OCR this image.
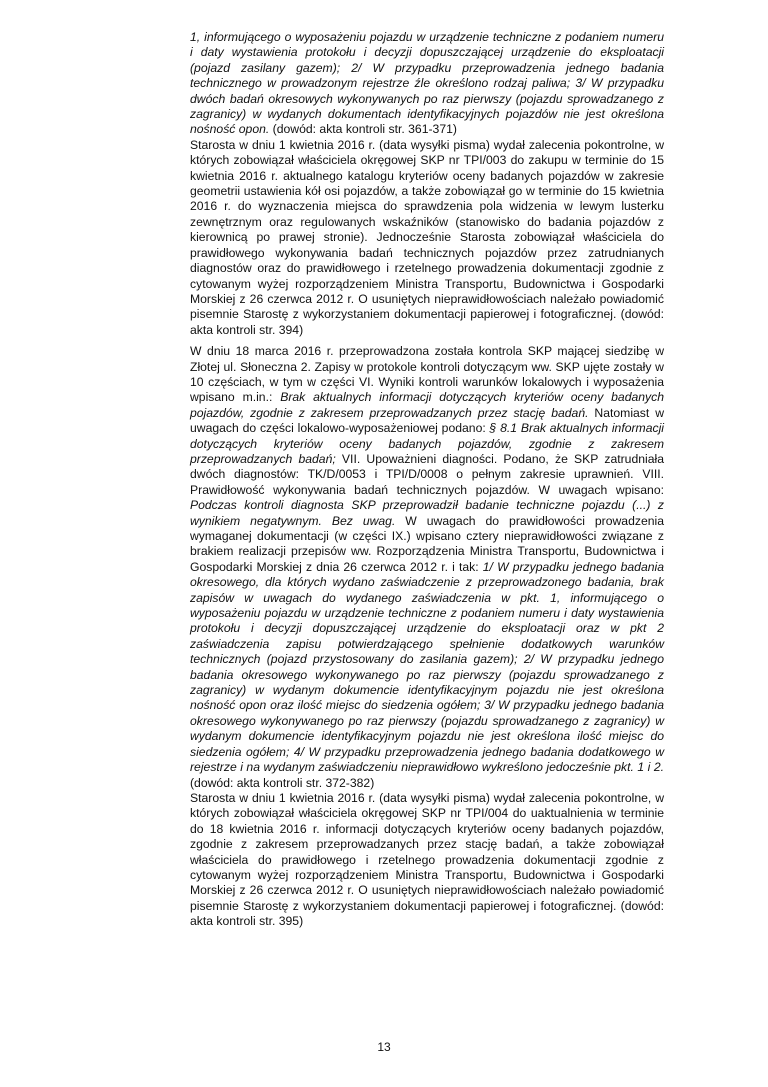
1, informującego o wyposażeniu pojazdu w urządzenie techniczne z podaniem numeru i daty wystawienia protokołu i decyzji dopuszczającej urządzenie do eksploatacji (pojazd zasilany gazem); 2/ W przypadku przeprowadzenia jednego badania technicznego w prowadzonym rejestrze źle określono rodzaj paliwa; 3/ W przypadku dwóch badań okresowych wykonywanych po raz pierwszy (pojazdu sprowadzanego z zagranicy) w wydanych dokumentach identyfikacyjnych pojazdów nie jest określona nośność opon. (dowód: akta kontroli str. 361-371)

Starosta w dniu 1 kwietnia 2016 r. (data wysyłki pisma) wydał zalecenia pokontrolne, w których zobowiązał właściciela okręgowej SKP nr TPI/003 do zakupu w terminie do 15 kwietnia 2016 r. aktualnego katalogu kryteriów oceny badanych pojazdów w zakresie geometrii ustawienia kół osi pojazdów, a także zobowiązał go w terminie do 15 kwietnia 2016 r. do wyznaczenia miejsca do sprawdzenia pola widzenia w lewym lusterku zewnętrznym oraz regulowanych wskaźników (stanowisko do badania pojazdów z kierownicą po prawej stronie). Jednocześnie Starosta zobowiązał właściciela do prawidłowego wykonywania badań technicznych pojazdów przez zatrudnianych diagnostów oraz do prawidłowego i rzetelnego prowadzenia dokumentacji zgodnie z cytowanym wyżej rozporządzeniem Ministra Transportu, Budownictwa i Gospodarki Morskiej z 26 czerwca 2012 r. O usuniętych nieprawidłowościach należało powiadomić pisemnie Starostę z wykorzystaniem dokumentacji papierowej i fotograficznej. (dowód: akta kontroli str. 394)

W dniu 18 marca 2016 r. przeprowadzona została kontrola SKP mającej siedzibę w Złotej ul. Słoneczna 2. Zapisy w protokole kontroli dotyczącym ww. SKP ujęte zostały w 10 częściach, w tym w części VI. Wyniki kontroli warunków lokalowych i wyposażenia wpisano m.in.: Brak aktualnych informacji dotyczących kryteriów oceny badanych pojazdów, zgodnie z zakresem przeprowadzanych przez stację badań. Natomiast w uwagach do części lokalowo-wyposażeniowej podano: § 8.1 Brak aktualnych informacji dotyczących kryteriów oceny badanych pojazdów, zgodnie z zakresem przeprowadzanych badań; VII. Upoważnieni diagności. Podano, że SKP zatrudniała dwóch diagnostów: TK/D/0053 i TPI/D/0008 o pełnym zakresie uprawnień. VIII. Prawidłowość wykonywania badań technicznych pojazdów. W uwagach wpisano: Podczas kontroli diagnosta SKP przeprowadził badanie techniczne pojazdu (...) z wynikiem negatywnym. Bez uwag. W uwagach do prawidłowości prowadzenia wymaganej dokumentacji (w części IX.) wpisano cztery nieprawidłowości związane z brakiem realizacji przepisów ww. Rozporządzenia Ministra Transportu, Budownictwa i Gospodarki Morskiej z dnia 26 czerwca 2012 r. i tak: 1/ W przypadku jednego badania okresowego, dla których wydano zaświadczenie z przeprowadzonego badania, brak zapisów w uwagach do wydanego zaświadczenia w pkt. 1, informującego o wyposażeniu pojazdu w urządzenie techniczne z podaniem numeru i daty wystawienia protokołu i decyzji dopuszczającej urządzenie do eksploatacji oraz w pkt 2 zaświadczenia zapisu potwierdzającego spełnienie dodatkowych warunków technicznych (pojazd przystosowany do zasilania gazem); 2/ W przypadku jednego badania okresowego wykonywanego po raz pierwszy (pojazdu sprowadzanego z zagranicy) w wydanym dokumencie identyfikacyjnym pojazdu nie jest określona nośność opon oraz ilość miejsc do siedzenia ogółem; 3/ W przypadku jednego badania okresowego wykonywanego po raz pierwszy (pojazdu sprowadzanego z zagranicy) w wydanym dokumencie identyfikacyjnym pojazdu nie jest określona ilość miejsc do siedzenia ogółem; 4/ W przypadku przeprowadzenia jednego badania dodatkowego w rejestrze i na wydanym zaświadczeniu nieprawidłowo wykreślono jedocześnie pkt. 1 i 2. (dowód: akta kontroli str. 372-382)

Starosta w dniu 1 kwietnia 2016 r. (data wysyłki pisma) wydał zalecenia pokontrolne, w których zobowiązał właściciela okręgowej SKP nr TPI/004 do uaktualnienia w terminie do 18 kwietnia 2016 r. informacji dotyczących kryteriów oceny badanych pojazdów, zgodnie z zakresem przeprowadzanych przez stację badań, a także zobowiązał właściciela do prawidłowego i rzetelnego prowadzenia dokumentacji zgodnie z cytowanym wyżej rozporządzeniem Ministra Transportu, Budownictwa i Gospodarki Morskiej z 26 czerwca 2012 r. O usuniętych nieprawidłowościach należało powiadomić pisemnie Starostę z wykorzystaniem dokumentacji papierowej i fotograficznej. (dowód: akta kontroli str. 395)

13
